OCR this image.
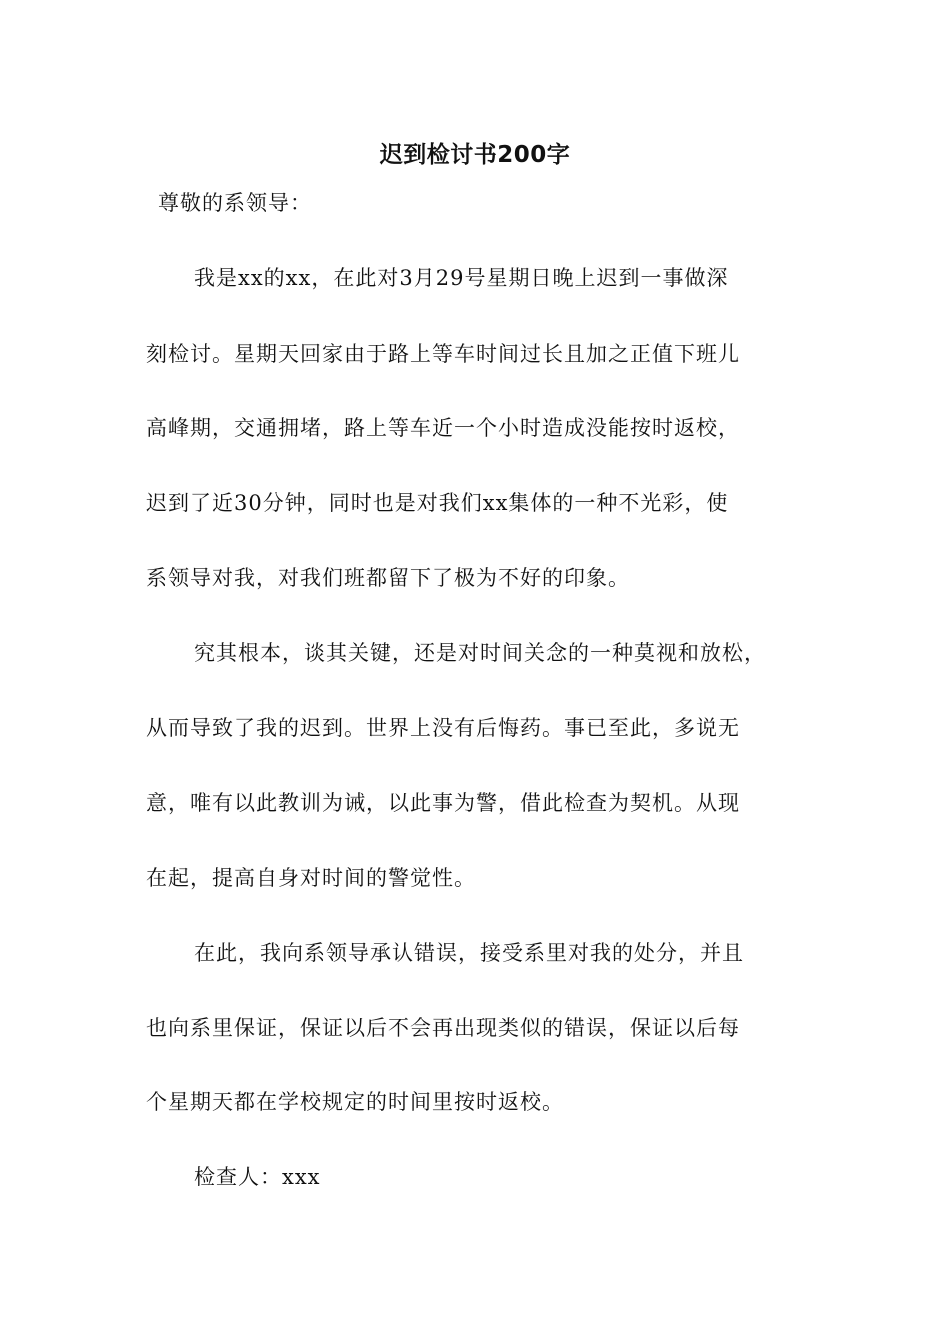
迟到检讨书200字
尊敬的系领导：
我是xx的xx，在此对3月29号星期日晚上迟到一事做深
刻检讨。星期天回家由于路上等车时间过长且加之正值下班儿
高峰期，交通拥堵，路上等车近一个小时造成没能按时返校，
迟到了近30分钟，同时也是对我们xx集体的一种不光彩，使
系领导对我，对我们班都留下了极为不好的印象。
究其根本，谈其关键，还是对时间关念的一种莫视和放松，
从而导致了我的迟到。世界上没有后悔药。事已至此，多说无
意，唯有以此教训为诫，以此事为警，借此检查为契机。从现
在起，提高自身对时间的警觉性。
在此，我向系领导承认错误，接受系里对我的处分，并且
也向系里保证，保证以后不会再出现类似的错误，保证以后每
个星期天都在学校规定的时间里按时返校。
检查人：xxx
